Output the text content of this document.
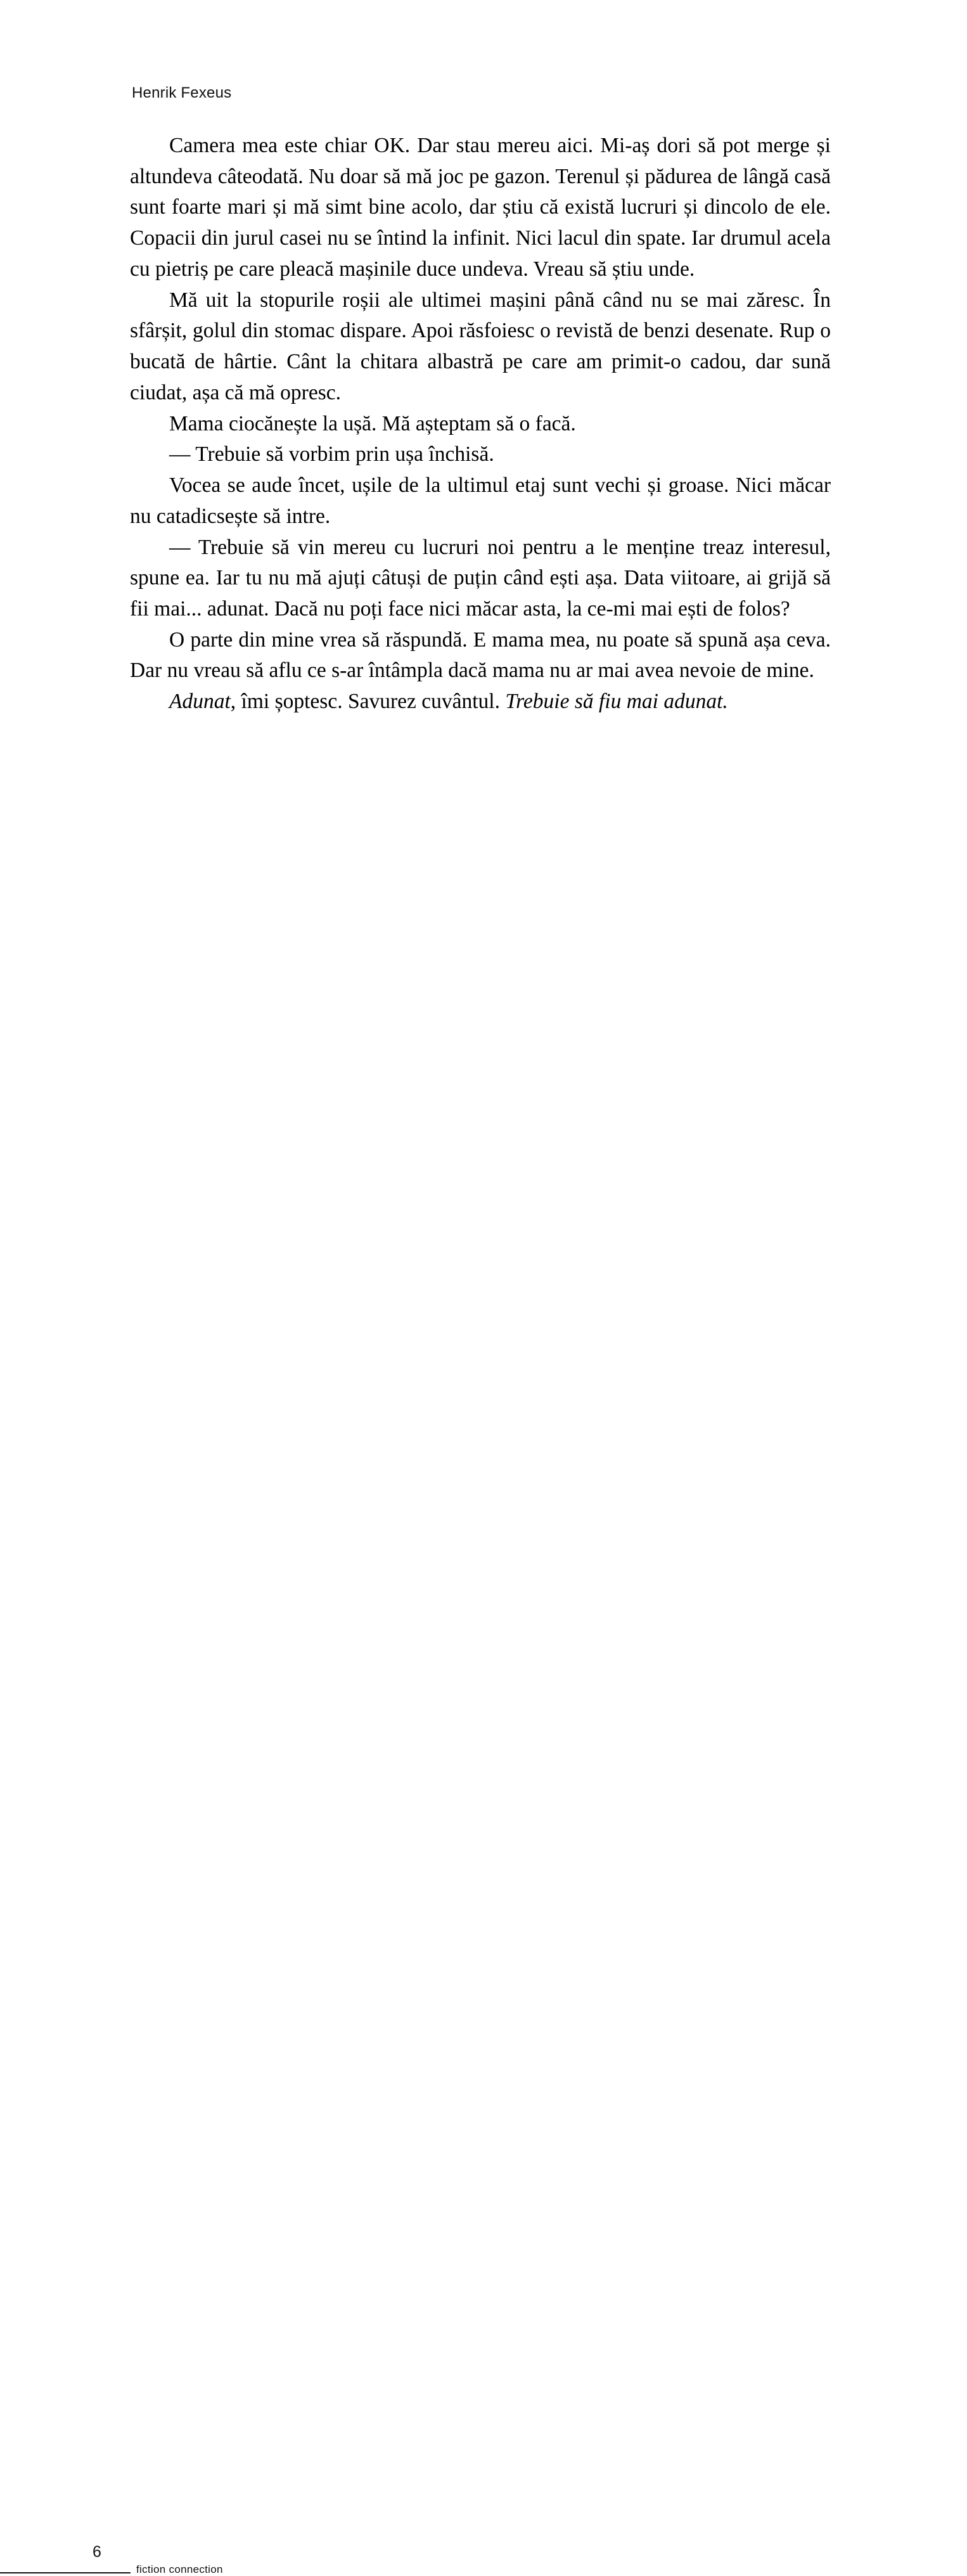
Henrik Fexeus

Camera mea este chiar OK. Dar stau mereu aici. Mi-aș dori să pot merge și altundeva câteodată. Nu doar să mă joc pe gazon. Terenul și pădurea de lângă casă sunt foarte mari și mă simt bine acolo, dar știu că există lucruri și dincolo de ele. Copacii din jurul casei nu se întind la infinit. Nici lacul din spate. Iar drumul acela cu pietriș pe care pleacă mașinile duce undeva. Vreau să știu unde.

Mă uit la stopurile roșii ale ultimei mașini până când nu se mai zăresc. În sfârșit, golul din stomac dispare. Apoi răsfoiesc o revistă de benzi desenate. Rup o bucată de hârtie. Cânt la chitara albastră pe care am primit-o cadou, dar sună ciudat, așa că mă opresc.

Mama ciocănește la ușă. Mă așteptam să o facă.

— Trebuie să vorbim prin ușa închisă.

Vocea se aude încet, ușile de la ultimul etaj sunt vechi și groase. Nici măcar nu catadicsește să intre.

— Trebuie să vin mereu cu lucruri noi pentru a le menține treaz interesul, spune ea. Iar tu nu mă ajuți câtuși de puțin când ești așa. Data viitoare, ai grijă să fii mai... adunat. Dacă nu poți face nici măcar asta, la ce-mi mai ești de folos?

O parte din mine vrea să răspundă. E mama mea, nu poate să spună așa ceva. Dar nu vreau să aflu ce s-ar întâmpla dacă mama nu ar mai avea nevoie de mine.

Adunat, îmi șoptesc. Savurez cuvântul. Trebuie să fiu mai adunat.

6
fiction connection
